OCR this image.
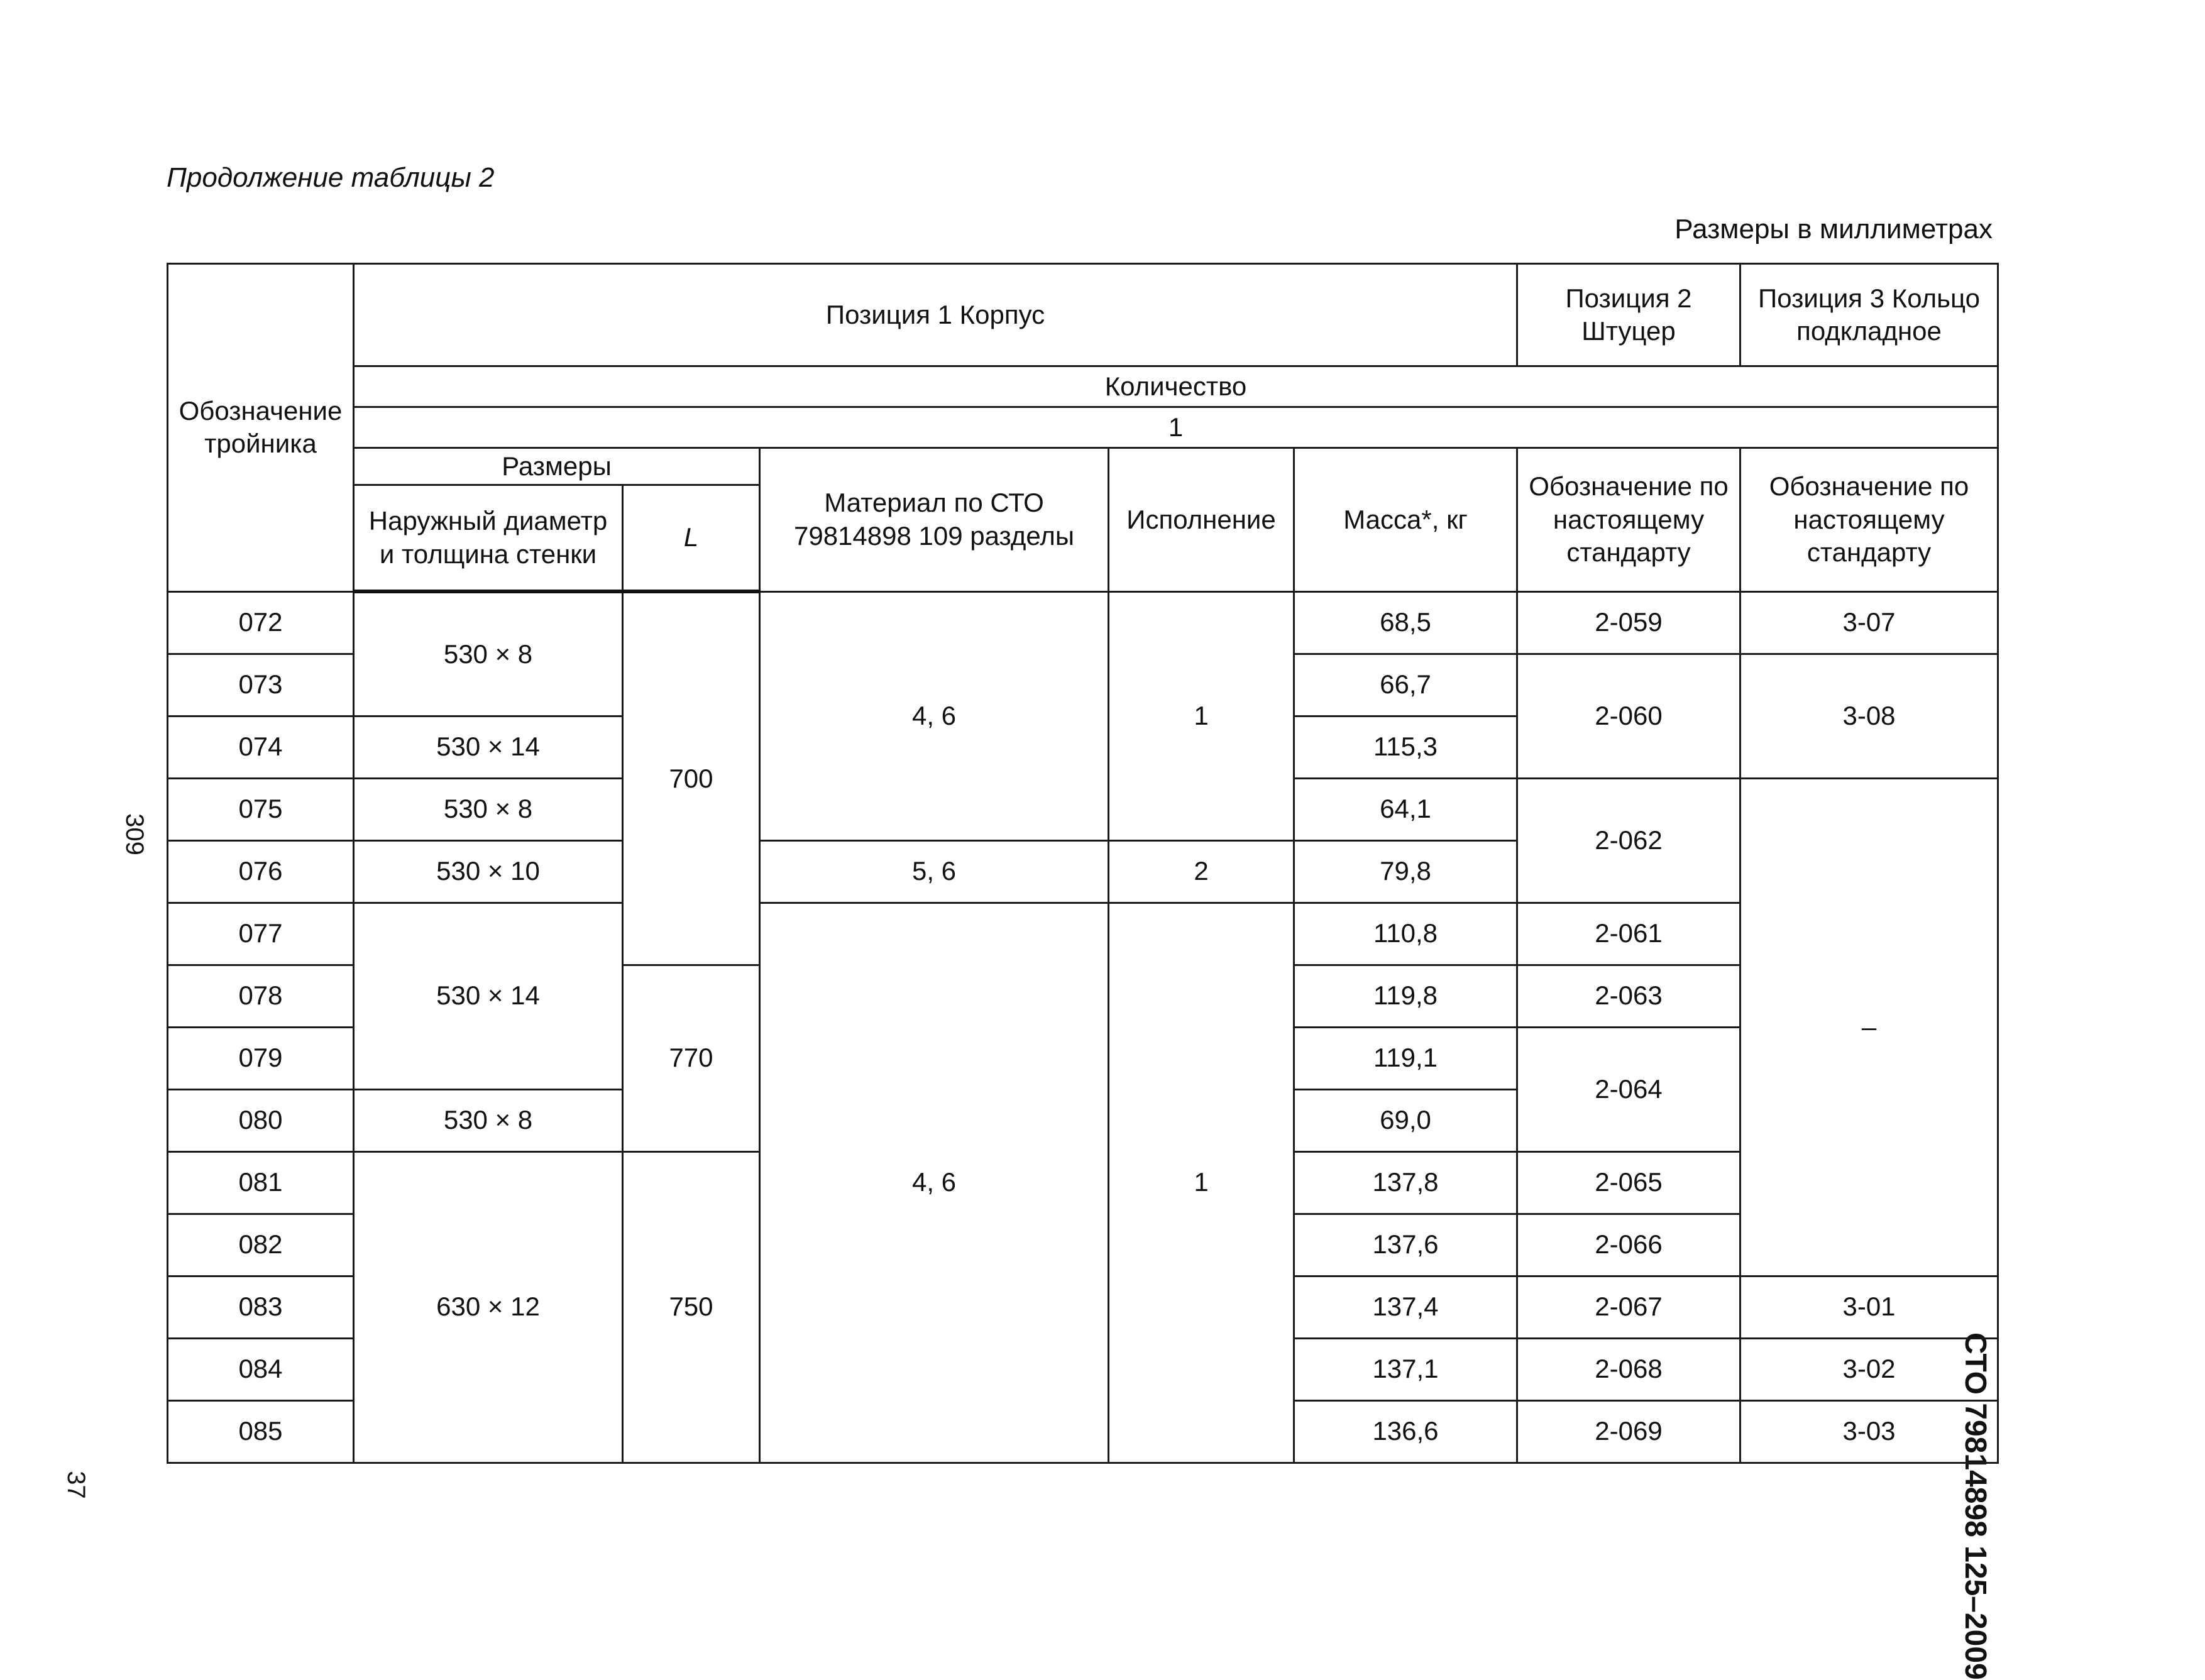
Продолжение таблицы 2
Размеры в миллиметрах
309
37	СТО 79814898 125–2009
Обозначение тройника	Позиция 1 Корпус					Позиция 2 Штуцер	Позиция 3 Кольцо подкладное
	Количество						
	1						
	Размеры		Материал по СТО 79814898 109 разделы	Исполнение	Масса*, кг	Обозначение по настоящему стандарту	Обозначение по настоящему стандарту
	Наружный диаметр и толщина стенки	L					
072	530 × 8	700	4, 6	1	68,5	2-059	3-07
073					66,7	2-060	3-08
074	530 × 14				115,3		
075	530 × 8				64,1	2-062	–
076	530 × 10		5, 6	2	79,8		
077	530 × 14		4, 6	1	110,8	2-061	
078		770			119,8	2-063	
079					119,1	2-064	
080	530 × 8				69,0		
081	630 × 12	750			137,8	2-065	
082					137,6	2-066	
083					137,4	2-067	3-01
084					137,1	2-068	3-02
085					136,6	2-069	3-03
